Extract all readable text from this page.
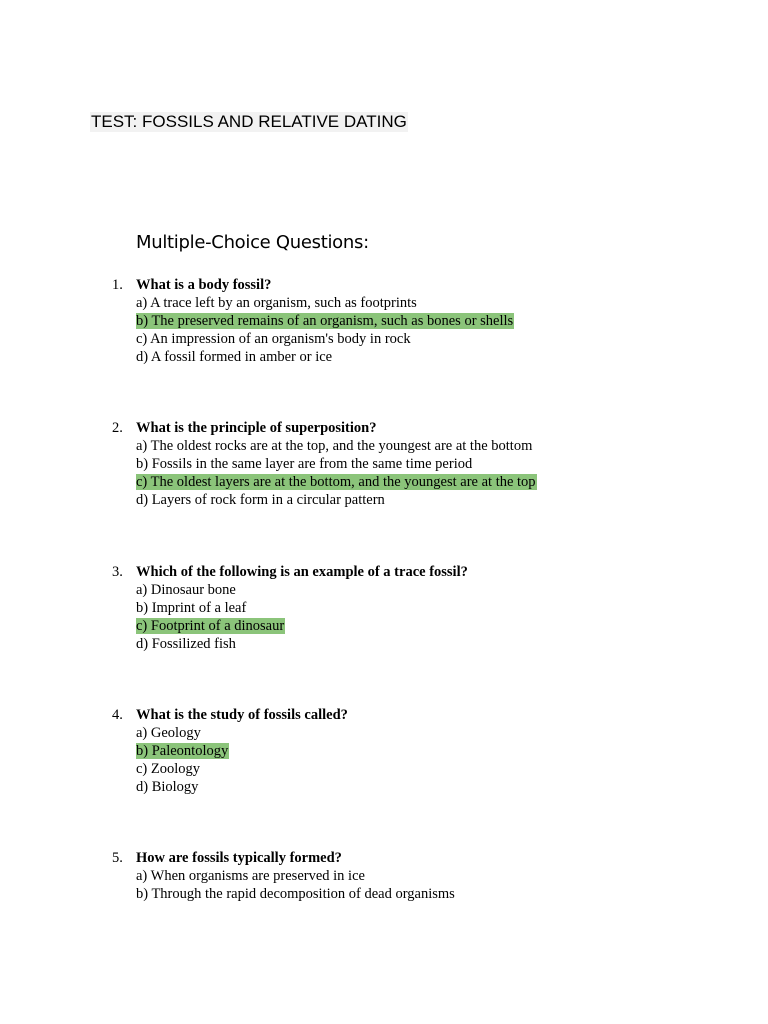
TEST: FOSSILS AND RELATIVE DATING
Multiple-Choice Questions:
1. What is a body fossil?
a) A trace left by an organism, such as footprints
b) The preserved remains of an organism, such as bones or shells
c) An impression of an organism's body in rock
d) A fossil formed in amber or ice
2. What is the principle of superposition?
a) The oldest rocks are at the top, and the youngest are at the bottom
b) Fossils in the same layer are from the same time period
c) The oldest layers are at the bottom, and the youngest are at the top
d) Layers of rock form in a circular pattern
3. Which of the following is an example of a trace fossil?
a) Dinosaur bone
b) Imprint of a leaf
c) Footprint of a dinosaur
d) Fossilized fish
4. What is the study of fossils called?
a) Geology
b) Paleontology
c) Zoology
d) Biology
5. How are fossils typically formed?
a) When organisms are preserved in ice
b) Through the rapid decomposition of dead organisms
